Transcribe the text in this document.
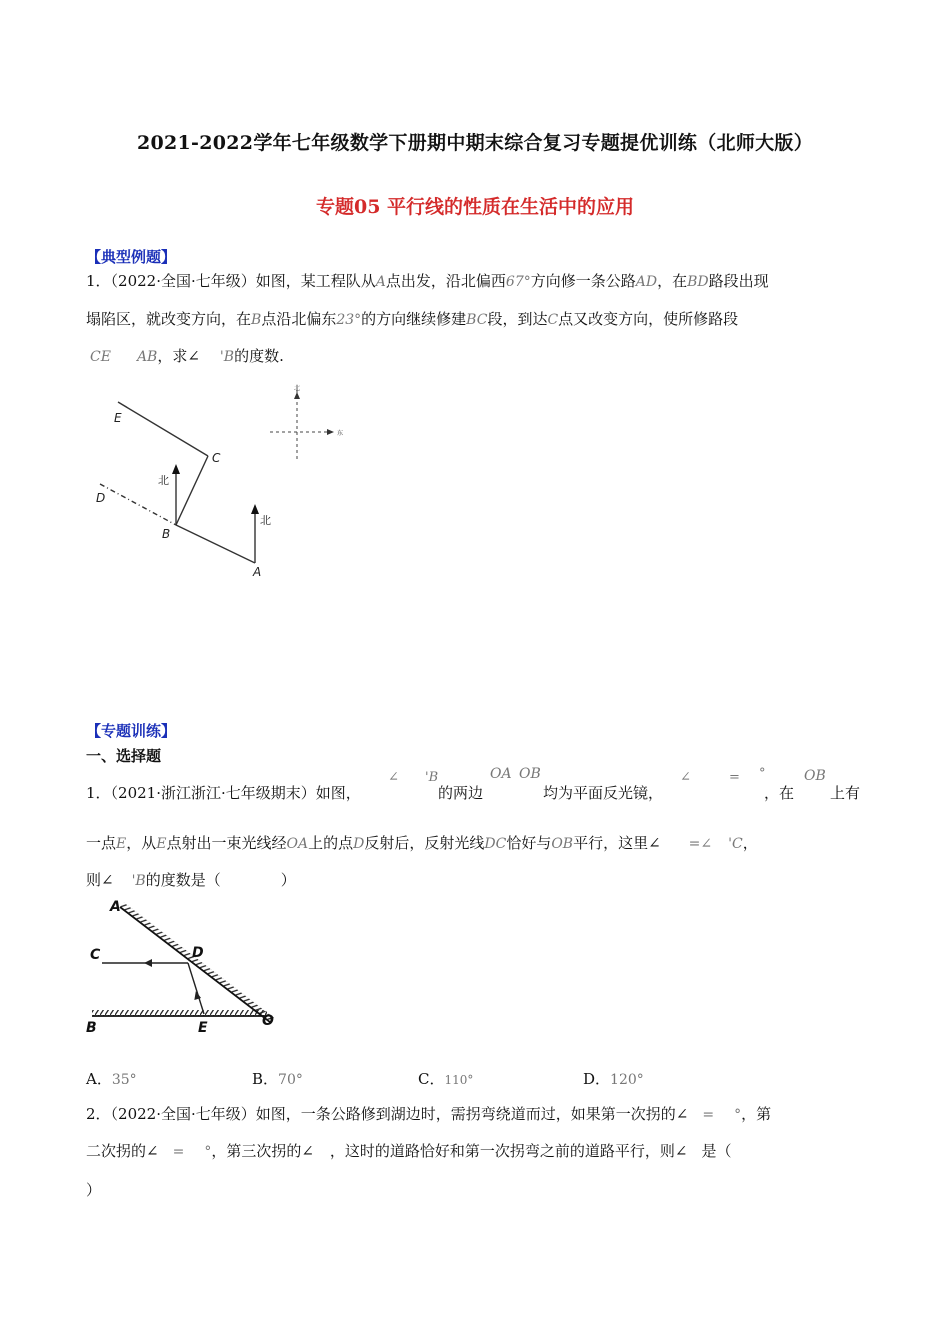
2021-2022学年七年级数学下册期中期末综合复习专题提优训练（北师大版）
专题05 平行线的性质在生活中的应用
【典型例题】
1．（2022·全国·七年级）如图，某工程队从A点出发，沿北偏西67°方向修一条公路AD，在BD路段出现
塌陷区，就改变方向，在B点沿北偏东23°的方向继续修建BC段，到达C点又改变方向，使所修路段
CE AB，求∠ 'B的度数.
E
C
D
B
A
北
北
北
东
【专题训练】
一、选择题
1．（2021·浙江浙江·七年级期末）如图，
∠ 'B
的两边
OA OB
均为平面反光镜，
∠	= °
，在
OB
上有
一点E，从E点射出一束光线经OA上的点D反射后，反射光线DC恰好与OB平行，这里∠ =∠ 'C，
则∠ 'B的度数是（　　　　）
A
C	D
B	E	O
A．35°	B．70°	C．110°	D．120°
2．（2022·全国·七年级）如图，一条公路修到湖边时，需拐弯绕道而过，如果第一次拐的∠ = °，第
二次拐的∠ = °，第三次拐的∠ ，这时的道路恰好和第一次拐弯之前的道路平行，则∠ 是（
）
